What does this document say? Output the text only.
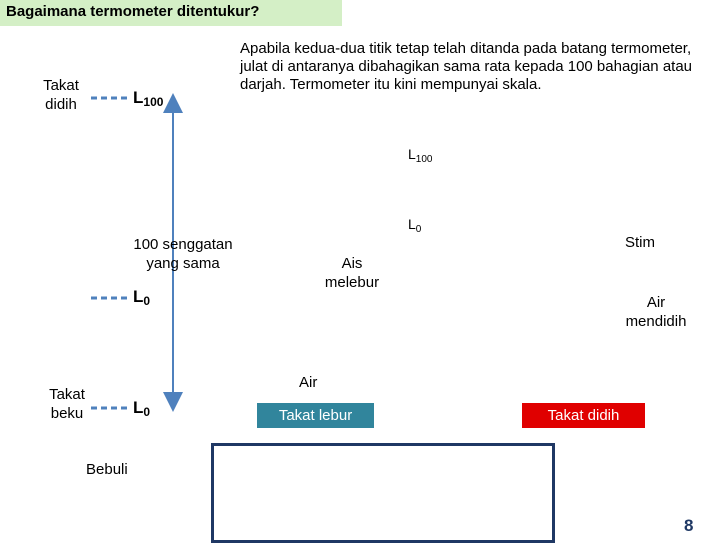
Bagaimana termometer ditentukur?
Apabila kedua-dua titik tetap telah ditanda pada batang termometer, julat di antaranya dibahagikan sama rata kepada 100 bahagian atau darjah. Termometer itu kini mempunyai skala.
Takat didih
Takat beku
$L_{100}$
$L_0$
$L_0$
100 senggatan yang sama
Bebuli
$L_{100}$
$L_0$
Stim
Ais melebur
Air mendidih
Air
Takat lebur	Takat didih
8
